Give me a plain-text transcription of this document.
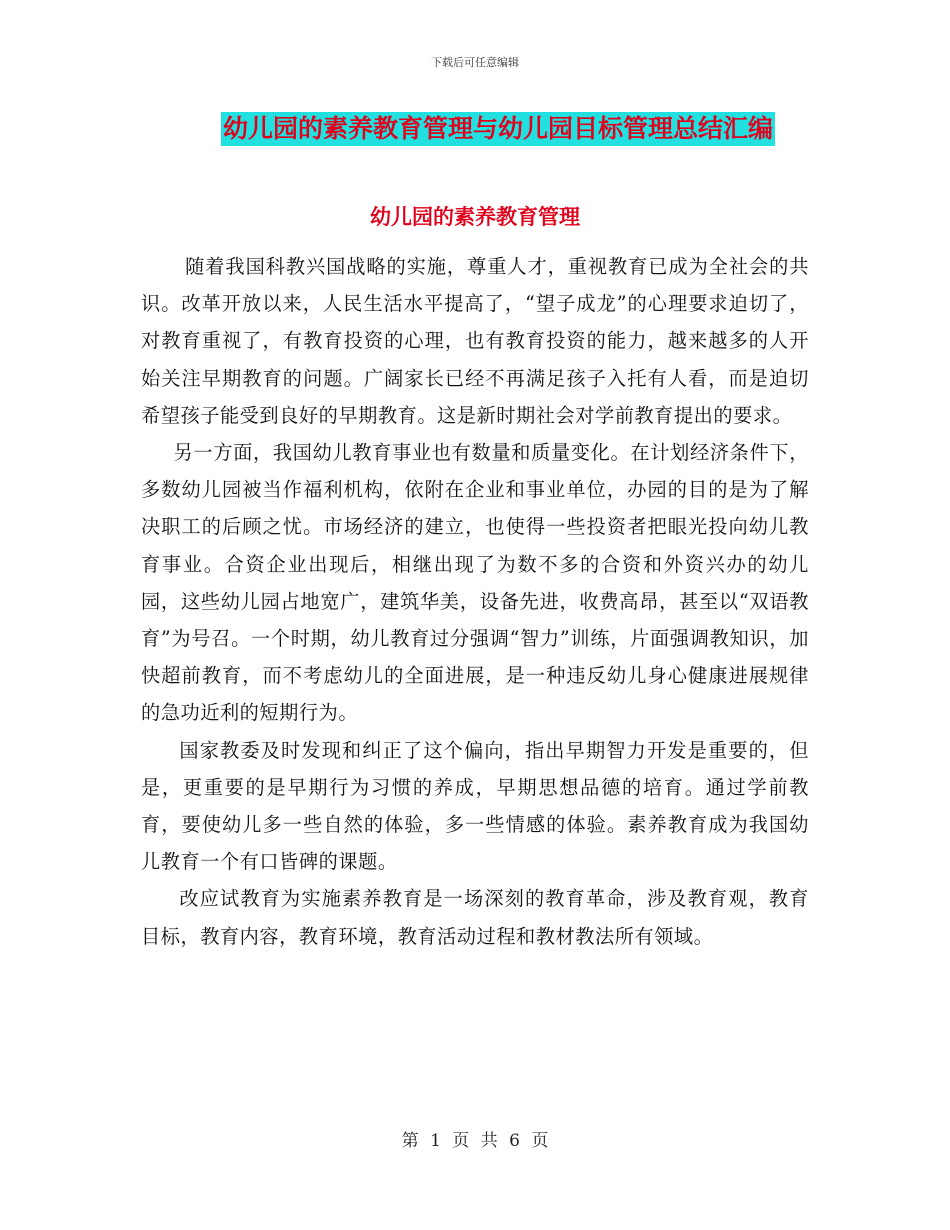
下载后可任意编辑
幼儿园的素养教育管理与幼儿园目标管理总结汇编
幼儿园的素养教育管理

随着我国科教兴国战略的实施，尊重人才，重视教育已成为全社会的共识。改革开放以来，人民生活水平提高了，“望子成龙”的心理要求迫切了，对教育重视了，有教育投资的心理，也有教育投资的能力，越来越多的人开始关注早期教育的问题。广阔家长已经不再满足孩子入托有人看，而是迫切希望孩子能受到良好的早期教育。这是新时期社会对学前教育提出的要求。

另一方面，我国幼儿教育事业也有数量和质量变化。在计划经济条件下，多数幼儿园被当作福利机构，依附在企业和事业单位，办园的目的是为了解决职工的后顾之忧。市场经济的建立，也使得一些投资者把眼光投向幼儿教育事业。合资企业出现后，相继出现了为数不多的合资和外资兴办的幼儿园，这些幼儿园占地宽广，建筑华美，设备先进，收费高昂，甚至以“双语教育”为号召。一个时期，幼儿教育过分强调“智力”训练，片面强调教知识，加快超前教育，而不考虑幼儿的全面进展，是一种违反幼儿身心健康进展规律的急功近利的短期行为。

国家教委及时发现和纠正了这个偏向，指出早期智力开发是重要的，但是，更重要的是早期行为习惯的养成，早期思想品德的培育。通过学前教育，要使幼儿多一些自然的体验，多一些情感的体验。素养教育成为我国幼儿教育一个有口皆碑的课题。

改应试教育为实施素养教育是一场深刻的教育革命，涉及教育观，教育目标，教育内容，教育环境，教育活动过程和教材教法所有领域。

第 1 页 共 6 页
